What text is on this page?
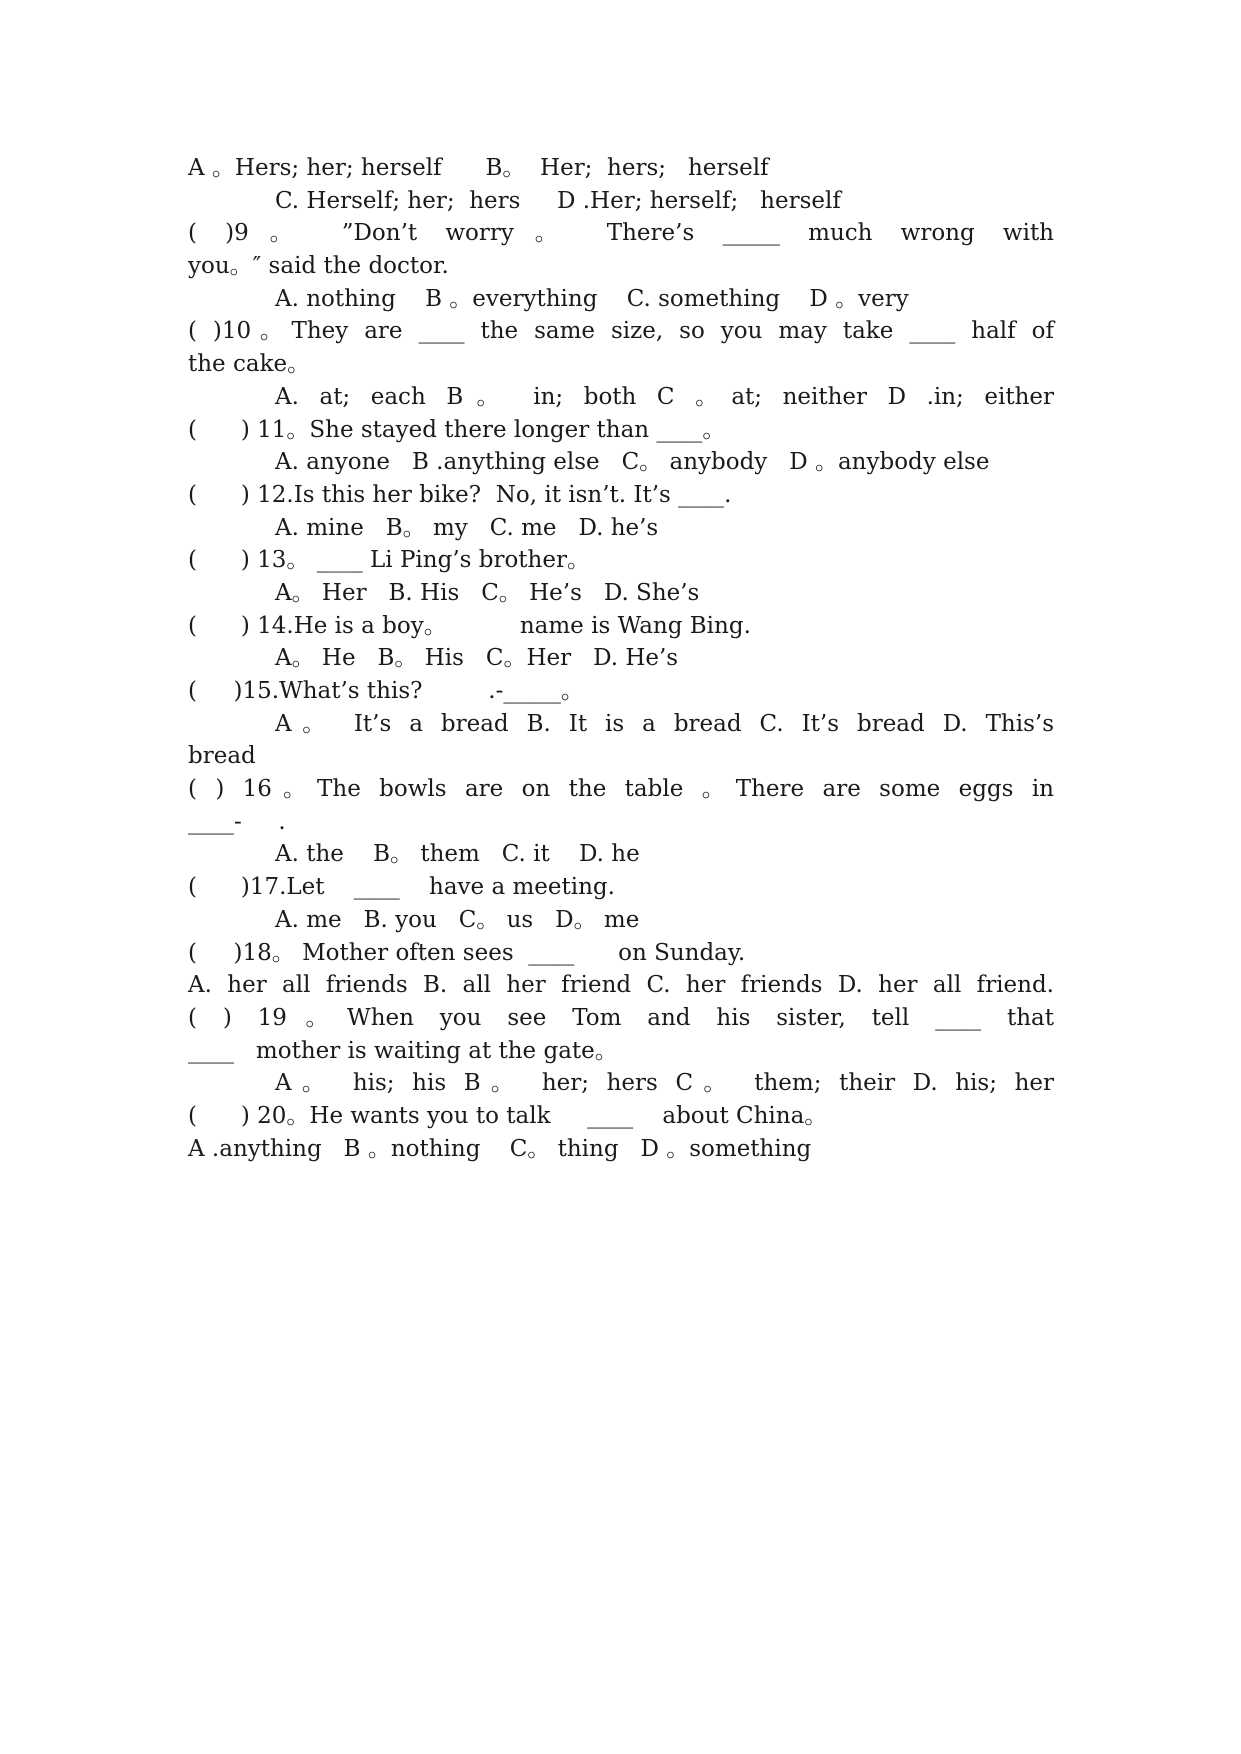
A 。Hers; her; herself      B。  Her;  hers;   herself
C. Herself; her;  hers     D .Her; herself;   herself
( )9。 ”Don’t worry。 There’s _____ much wrong with
you。″ said the doctor.
A. nothing    B 。everything    C. something    D 。very
( )10。They are ____ the same size, so you may take ____ half of
the cake。
A. at; each B。 in; both C 。at; neither D .in; either
(      ) 11。She stayed there longer than ____。
A. anyone   B .anything else   C。 anybody   D 。anybody else
(      ) 12.Is this her bike?  No, it isn’t. It’s ____.
A. mine   B。 my   C. me   D. he’s
(      ) 13。 ____ Li Ping’s brother。
A。 Her   B. His   C。 He’s   D. She’s
(      ) 14.He is a boy。          name is Wang Bing.
A。 He   B。 His   C。Her   D. He’s
(     )15.What’s this?         .-_____。
A。 It’s a bread B. It is a bread C. It’s bread D. This’s
bread
( ) 16。The bowls are on the table 。There are some eggs in
____-     .
A. the    B。 them   C. it    D. he
(      )17.Let    ____    have a meeting.
A. me   B. you   C。 us   D。 me
(     )18。 Mother often sees  ____      on Sunday.
A. her all friends B. all her friend C. her friends D. her all friend.
( ) 19。When you see Tom and his sister, tell ____ that
____   mother is waiting at the gate。
A。 his; his B。 her; hers C。 them; their D. his; her
(      ) 20。He wants you to talk     ____    about China。
A .anything   B 。nothing    C。 thing   D 。something
